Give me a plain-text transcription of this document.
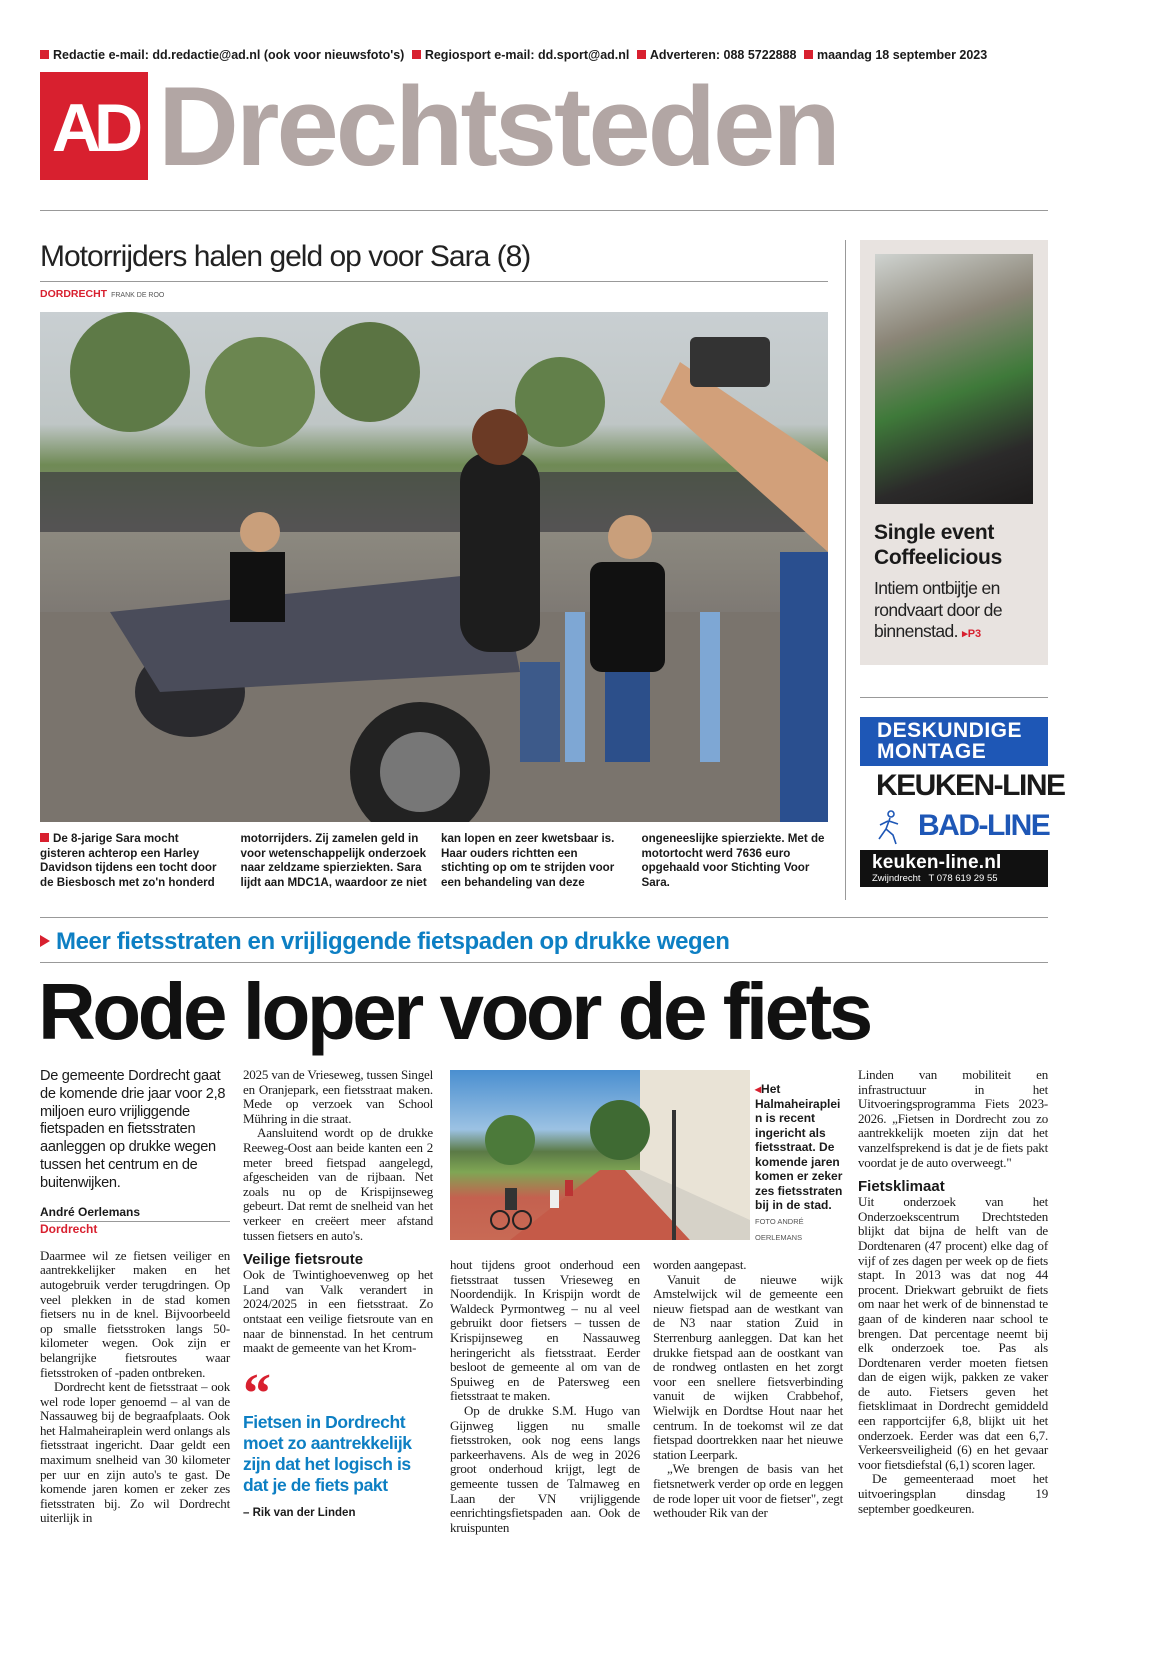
Redactie e-mail: dd.redactie@ad.nl (ook voor nieuwsfoto's) Regiosport e-mail: dd.sport@ad.nl Adverteren: 088 5722888 maandag 18 september 2023
AD Drechtsteden
Motorrijders halen geld op voor Sara (8)
DORDRECHT FRANK DE ROO
De 8-jarige Sara mocht gisteren achterop een Harley Davidson tijdens een tocht door de Biesbosch met zo'n honderd motorrijders. Zij zamelen geld in voor wetenschappelijk onderzoek naar zeldzame spierziekten. Sara lijdt aan MDC1A, waardoor ze niet kan lopen en zeer kwetsbaar is. Haar ouders richtten een stichting op om te strijden voor een behandeling van deze ongeneeslijke spierziekte. Met de motortocht werd 7636 euro opgehaald voor Stichting Voor Sara.
Single event Coffeelicious
Intiem ontbijtje en rondvaart door de binnenstad. ▸P3
DESKUNDIGE MONTAGE
KEUKEN-LINE
BAD-LINE
keuken-line.nl
Zwijndrecht T 078 619 29 55
Meer fietsstraten en vrijliggende fietspaden op drukke wegen
Rode loper voor de fiets
De gemeente Dordrecht gaat de komende drie jaar voor 2,8 miljoen euro vrijliggende fietspaden en fietsstraten aanleggen op drukke wegen tussen het centrum en de buitenwijken.
André Oerlemans
Dordrecht

Daarmee wil ze fietsen veiliger en aantrekkelijker maken en het autogebruik verder terugdringen. Op veel plekken in de stad komen fietsers nu in de knel. Bijvoorbeeld op smalle fietsstroken langs 50-kilometer wegen. Ook zijn er belangrijke fietsroutes waar fietsstroken of -paden ontbreken.

Dordrecht kent de fietsstraat – ook wel rode loper genoemd – al van de Nassauweg bij de begraafplaats. Ook het Halmaheiraplein werd onlangs als fietsstraat ingericht. Daar geldt een maximum snelheid van 30 kilometer per uur en zijn auto's te gast. De komende jaren komen er zeker zes fietsstraten bij. Zo wil Dordrecht uiterlijk in

2025 van de Vrieseweg, tussen Singel en Oranjepark, een fietsstraat maken. Mede op verzoek van School Mühring in die straat.

Aansluitend wordt op de drukke Reeweg-Oost aan beide kanten een 2 meter breed fietspad aangelegd, afgescheiden van de rijbaan. Net zoals nu op de Krispijnseweg gebeurt. Dat remt de snelheid van het verkeer en creëert meer afstand tussen fietsers en auto's.

Veilige fietsroute

Ook de Twintighoevenweg op het Land van Valk verandert in 2024/2025 in een fietsstraat. Zo ontstaat een veilige fietsroute van en naar de binnenstad. In het centrum maakt de gemeente van het Krom-

“
Fietsen in Dordrecht moet zo aantrekkelijk zijn dat het logisch is dat je de fiets pakt
– Rik van der Linden
◂Het Halmaheiraplein is recent ingericht als fietsstraat. De komende jaren komen er zeker zes fietsstraten bij in de stad. FOTO ANDRÉ OERLEMANS

hout tijdens groot onderhoud een fietsstraat tussen Vrieseweg en Noordendijk. In Krispijn wordt de Waldeck Pyrmontweg – nu al veel gebruikt door fietsers – tussen de Krispijnseweg en Nassauweg heringericht als fietsstraat. Eerder besloot de gemeente al om van de Spuiweg en de Patersweg een fietsstraat te maken.

Op de drukke S.M. Hugo van Gijnweg liggen nu smalle fietsstroken, ook nog eens langs parkeerhavens. Als de weg in 2026 groot onderhoud krijgt, legt de gemeente tussen de Talmaweg en Laan der VN vrijliggende eenrichtingsfietspaden aan. Ook de kruispunten

worden aangepast.

Vanuit de nieuwe wijk Amstelwijck wil de gemeente een nieuw fietspad aan de westkant van de N3 naar station Zuid in Sterrenburg aanleggen. Dat kan het drukke fietspad aan de oostkant van de rondweg ontlasten en het zorgt voor een snellere fietsverbinding vanuit de wijken Crabbehof, Wielwijk en Dordtse Hout naar het centrum. In de toekomst wil ze dat fietspad doortrekken naar het nieuwe station Leerpark.

„We brengen de basis van het fietsnetwerk verder op orde en leggen de rode loper uit voor de fietser", zegt wethouder Rik van der

Linden van mobiliteit en infrastructuur in het Uitvoeringsprogramma Fiets 2023-2026. „Fietsen in Dordrecht zou zo aantrekkelijk moeten zijn dat het vanzelfsprekend is dat je de fiets pakt voordat je de auto overweegt."

Fietsklimaat

Uit onderzoek van het Onderzoekscentrum Drechtsteden blijkt dat bijna de helft van de Dordtenaren (47 procent) elke dag of vijf of zes dagen per week op de fiets stapt. In 2013 was dat nog 44 procent. Driekwart gebruikt de fiets om naar het werk of de binnenstad te gaan of de kinderen naar school te brengen. Dat percentage neemt bij elk onderzoek toe. Pas als Dordtenaren verder moeten fietsen dan de eigen wijk, pakken ze vaker de auto. Fietsers geven het fietsklimaat in Dordrecht gemiddeld een rapportcijfer 6,8, blijkt uit het onderzoek. Eerder was dat een 6,7. Verkeersveiligheid (6) en het gevaar voor fietsdiefstal (6,1) scoren lager.

De gemeenteraad moet het uitvoeringsplan dinsdag 19 september goedkeuren.
